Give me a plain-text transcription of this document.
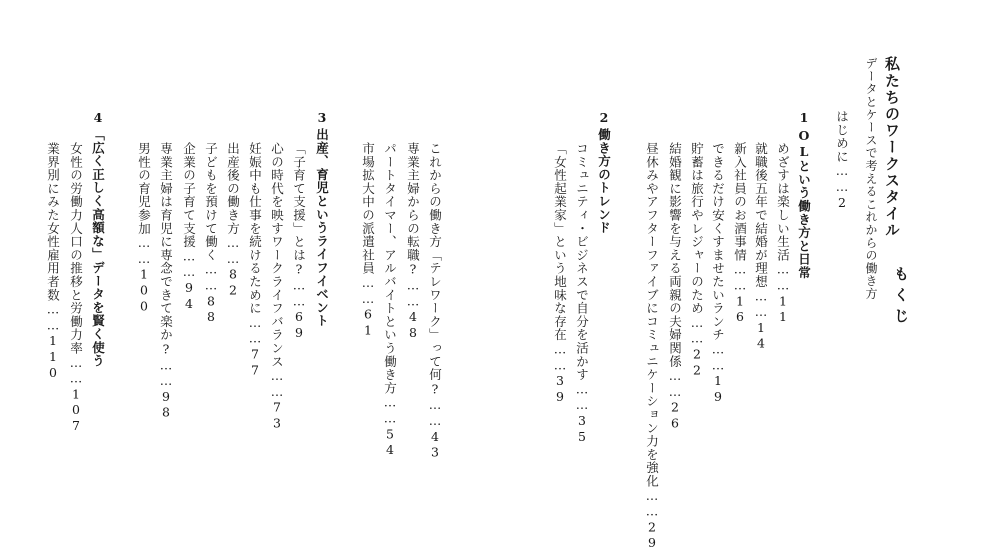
私たちのワークスタイル
データとケースで考えるこれからの働き方 もくじ
はじめに……2
1
OLという働き方と日常
めざすは楽しい生活……11
就職後五年で結婚が理想……14
新入社員のお酒事情……16
できるだけ安くすませたいランチ……19
貯蓄は旅行やレジャーのため……22
結婚観に影響を与える両親の夫婦関係……26
昼休みやアフターファイブにコミュニケーション力を強化……29
2
働き方のトレンド
コミュニティ・ビジネスで自分を活かす……35
「女性起業家」という地味な存在……39
これからの働き方「テレワーク」って何?……43
専業主婦からの転職?……48
パートタイマー、アルバイトという働き方……54
市場拡大中の派遣社員……61
3
出産、育児というライフイベント
「子育て支援」とは?……69
心の時代を映すワークライフバランス……73
妊娠中も仕事を続けるために……77
出産後の働き方……82
子どもを預けて働く……88
企業の子育て支援……94
専業主婦は育児に専念できて楽か?……98
男性の育児参加……100
4
「広く正しく高額な」データを賢く使う
女性の労働力人口の推移と労働力率……107
業界別にみた女性雇用者数……110
